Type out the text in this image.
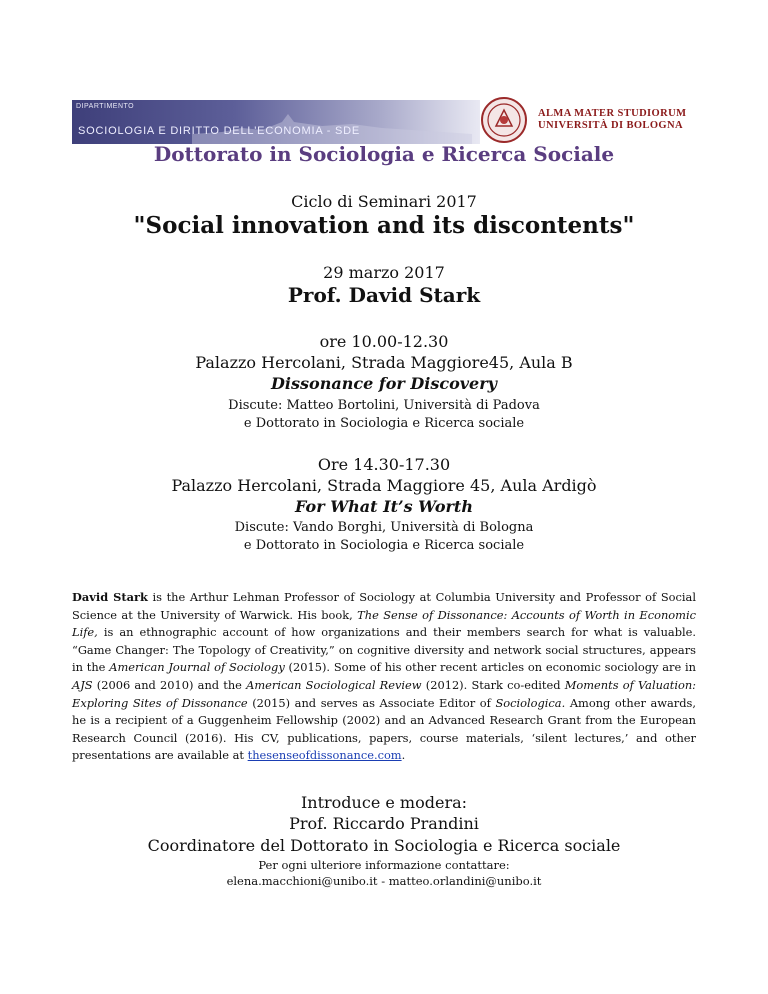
DIPARTIMENTO
SOCIOLOGIA E DIRITTO DELL'ECONOMIA - SDE
ALMA MATER STUDIORUM
UNIVERSITÀ DI BOLOGNA
Dottorato in Sociologia e Ricerca Sociale
Ciclo di Seminari 2017
"Social innovation and its discontents"
29 marzo 2017
Prof. David Stark
ore 10.00-12.30
Palazzo Hercolani, Strada Maggiore45, Aula B
Dissonance for Discovery
Discute: Matteo Bortolini, Università di Padova
e Dottorato in Sociologia e Ricerca sociale
Ore 14.30-17.30
Palazzo Hercolani, Strada Maggiore 45, Aula Ardigò
For What It’s Worth
Discute: Vando Borghi, Università di Bologna
e Dottorato in Sociologia e Ricerca sociale
David Stark is the Arthur Lehman Professor of Sociology at Columbia University and Professor of Social Science at the University of Warwick. His book, The Sense of Dissonance: Accounts of Worth in Economic Life, is an ethnographic account of how organizations and their members search for what is valuable. “Game Changer: The Topology of Creativity,” on cognitive diversity and network social structures, appears in the American Journal of Sociology (2015). Some of his other recent articles on economic sociology are in AJS (2006 and 2010) and the American Sociological Review (2012). Stark co-edited Moments of Valuation: Exploring Sites of Dissonance (2015) and serves as Associate Editor of Sociologica. Among other awards, he is a recipient of a Guggenheim Fellowship (2002) and an Advanced Research Grant from the European Research Council (2016). His CV, publications, papers, course materials, ‘silent lectures,’ and other presentations are available at thesenseofdissonance.com.
Introduce e modera:
Prof. Riccardo Prandini
Coordinatore del Dottorato in Sociologia e Ricerca sociale
Per ogni ulteriore informazione contattare:
elena.macchioni@unibo.it - matteo.orlandini@unibo.it
